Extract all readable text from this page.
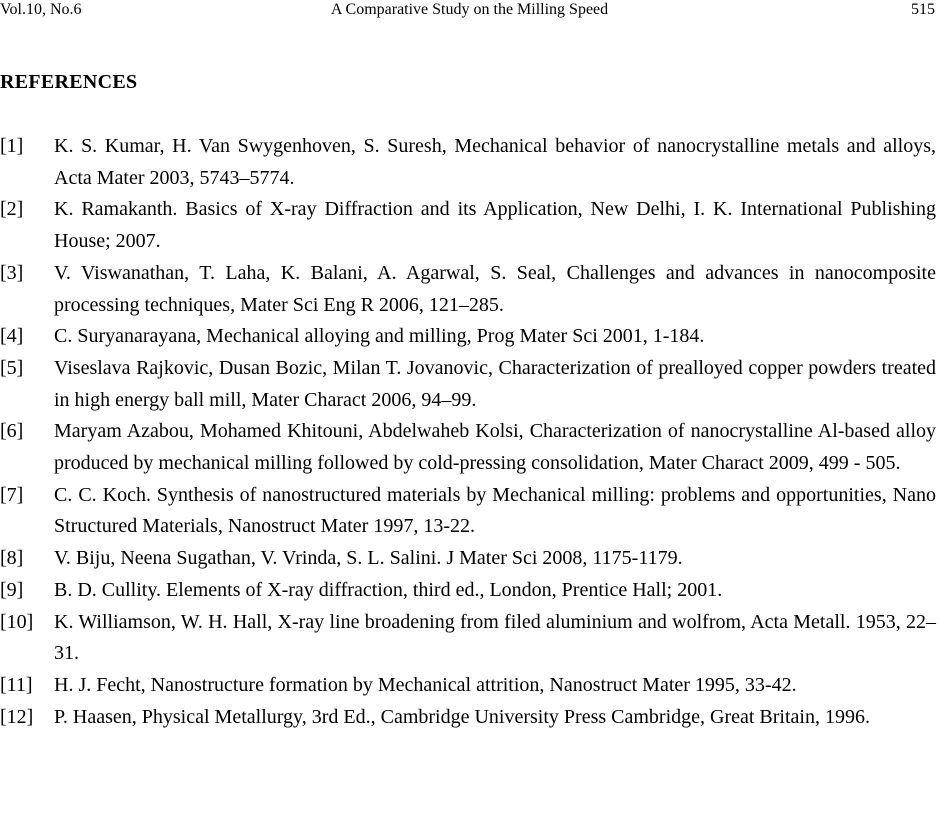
Vol.10, No.6	A Comparative Study on the Milling Speed	515
REFERENCES
[1] K. S. Kumar, H. Van Swygenhoven, S. Suresh, Mechanical behavior of nanocrystalline metals and alloys, Acta Mater 2003, 5743–5774.
[2] K. Ramakanth. Basics of X-ray Diffraction and its Application, New Delhi, I. K. International Publishing House; 2007.
[3] V. Viswanathan, T. Laha, K. Balani, A. Agarwal, S. Seal, Challenges and advances in nanocomposite processing techniques, Mater Sci Eng R 2006, 121–285.
[4] C. Suryanarayana, Mechanical alloying and milling, Prog Mater Sci 2001, 1-184.
[5] Viseslava Rajkovic, Dusan Bozic, Milan T. Jovanovic, Characterization of prealloyed copper powders treated in high energy ball mill, Mater Charact 2006, 94–99.
[6] Maryam Azabou, Mohamed Khitouni, Abdelwaheb Kolsi, Characterization of nanocrystalline Al-based alloy produced by mechanical milling followed by cold-pressing consolidation, Mater Charact 2009, 499 - 505.
[7] C. C. Koch. Synthesis of nanostructured materials by Mechanical milling: problems and opportunities, Nano Structured Materials, Nanostruct Mater 1997, 13-22.
[8] V. Biju, Neena Sugathan, V. Vrinda, S. L. Salini. J Mater Sci 2008, 1175-1179.
[9] B. D. Cullity. Elements of X-ray diffraction, third ed., London, Prentice Hall; 2001.
[10] K. Williamson, W. H. Hall, X-ray line broadening from filed aluminium and wolfrom, Acta Metall. 1953, 22–31.
[11] H. J. Fecht, Nanostructure formation by Mechanical attrition, Nanostruct Mater 1995, 33-42.
[12] P. Haasen, Physical Metallurgy, 3rd Ed., Cambridge University Press Cambridge, Great Britain, 1996.
